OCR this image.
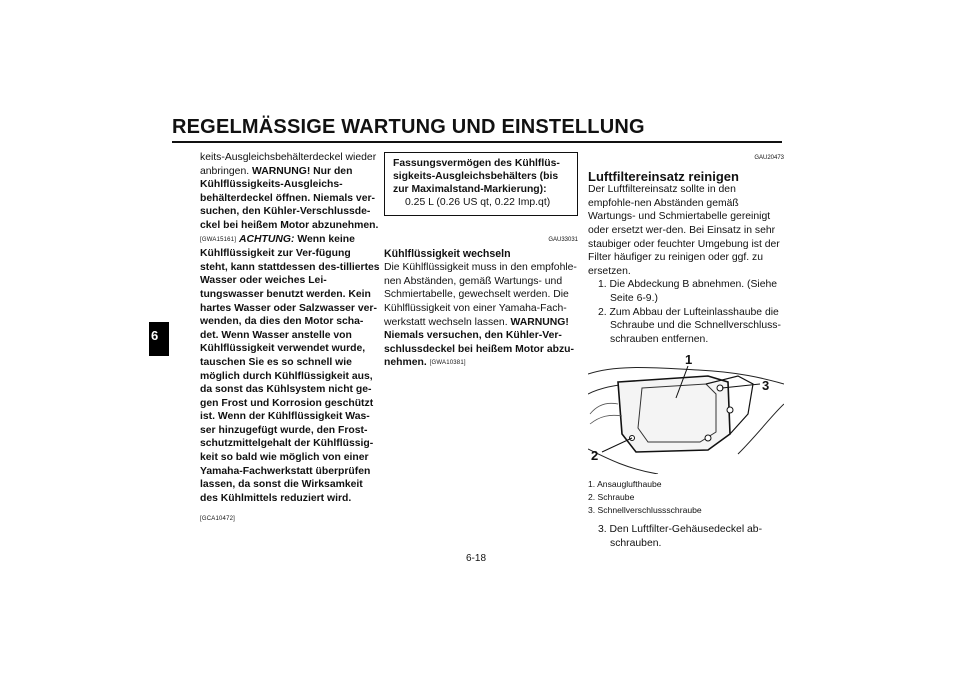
REGELMÄSSIGE WARTUNG UND EINSTELLUNG
6
keits-Ausgleichsbehälterdeckel wieder anbringen. WARNUNG! Nur den Kühlflüssigkeits-Ausgleichs-behälterdeckel öffnen. Niemals ver-suchen, den Kühler-Verschlussde-ckel bei heißem Motor abzunehmen. [GWA15161] ACHTUNG: Wenn keine Kühlflüssigkeit zur Ver-fügung steht, kann stattdessen des-tilliertes Wasser oder weiches Lei-tungswasser benutzt werden. Kein hartes Wasser oder Salzwasser ver-wenden, da dies den Motor scha-det. Wenn Wasser anstelle von Kühlflüssigkeit verwendet wurde, tauschen Sie es so schnell wie möglich durch Kühlflüssigkeit aus, da sonst das Kühlsystem nicht ge-gen Frost und Korrosion geschützt ist. Wenn der Kühlflüssigkeit Was-ser hinzugefügt wurde, den Frost-schutzmittelgehalt der Kühlflüssig-keit so bald wie möglich von einer Yamaha-Fachwerkstatt überprüfen lassen, da sonst die Wirksamkeit des Kühlmittels reduziert wird.
[GCA10472]
Fassungsvermögen des Kühlflüs-sigkeits-Ausgleichsbehälters (bis zur Maximalstand-Markierung):
0.25 L (0.26 US qt, 0.22 Imp.qt)
GAU33031
Kühlflüssigkeit wechseln
Die Kühlflüssigkeit muss in den empfohle-nen Abständen, gemäß Wartungs- und Schmiertabelle, gewechselt werden. Die Kühlflüssigkeit von einer Yamaha-Fach-werkstatt wechseln lassen. WARNUNG! Niemals versuchen, den Kühler-Ver-schlussdeckel bei heißem Motor abzu-nehmen. [GWA10381]
GAU20473
Luftfiltereinsatz reinigen
Der Luftfiltereinsatz sollte in den empfohle-nen Abständen gemäß Wartungs- und Schmiertabelle gereinigt oder ersetzt wer-den. Bei Einsatz in sehr staubiger oder feuchter Umgebung ist der Filter häufiger zu reinigen oder ggf. zu ersetzen.
1. Die Abdeckung B abnehmen. (Siehe Seite 6-9.)
2. Zum Abbau der Lufteinlasshaube die Schraube und die Schnellverschluss-schrauben entfernen.
1
3
2
1. Ansauglufthaube
2. Schraube
3. Schnellverschlussschraube
3. Den Luftfilter-Gehäusedeckel ab-schrauben.
6-18
